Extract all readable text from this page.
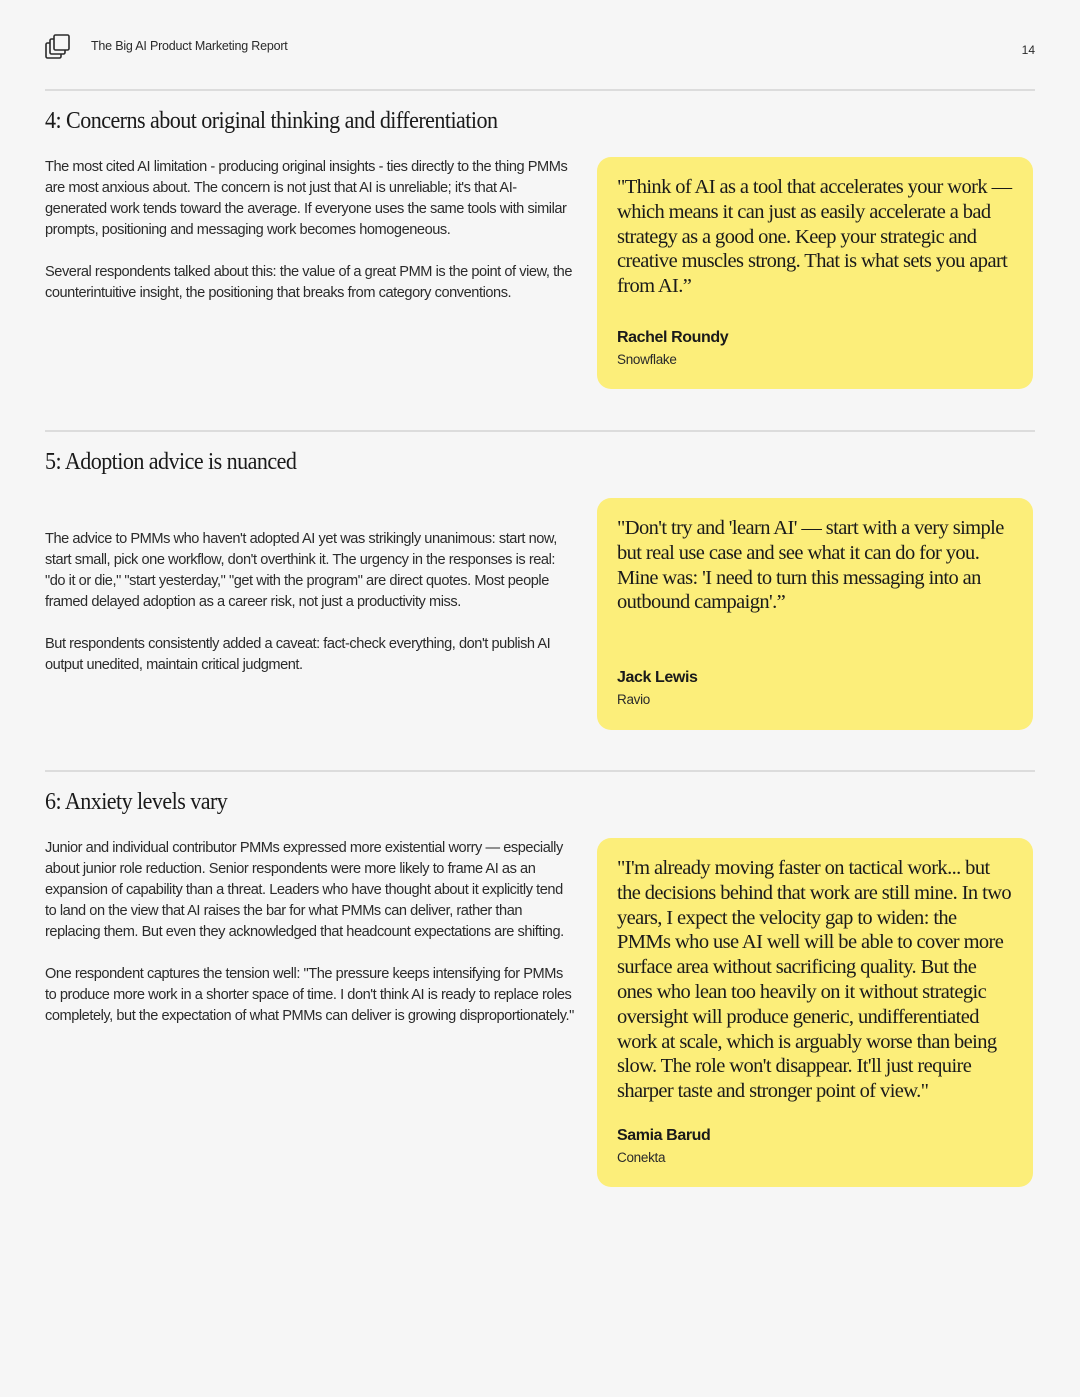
The Big AI Product Marketing Report	14
4: Concerns about original thinking and differentiation

The most cited AI limitation - producing original insights - ties directly to the thing PMMs are most anxious about. The concern is not just that AI is unreliable; it's that AI-generated work tends toward the average. If everyone uses the same tools with similar prompts, positioning and messaging work becomes homogeneous.

Several respondents talked about this: the value of a great PMM is the point of view, the counterintuitive insight, the positioning that breaks from category conventions.

"Think of AI as a tool that accelerates your work — which means it can just as easily accelerate a bad strategy as a good one. Keep your strategic and creative muscles strong. That is what sets you apart from AI.”

Rachel Roundy
Snowflake
5: Adoption advice is nuanced

The advice to PMMs who haven't adopted AI yet was strikingly unanimous: start now, start small, pick one workflow, don't overthink it. The urgency in the responses is real: "do it or die," "start yesterday," "get with the program" are direct quotes. Most people framed delayed adoption as a career risk, not just a productivity miss.

But respondents consistently added a caveat: fact-check everything, don't publish AI output unedited, maintain critical judgment.

"Don't try and 'learn AI' — start with a very simple but real use case and see what it can do for you. Mine was: 'I need to turn this messaging into an outbound campaign'.”

Jack Lewis
Ravio
6: Anxiety levels vary

Junior and individual contributor PMMs expressed more existential worry — especially about junior role reduction. Senior respondents were more likely to frame AI as an expansion of capability than a threat. Leaders who have thought about it explicitly tend to land on the view that AI raises the bar for what PMMs can deliver, rather than replacing them. But even they acknowledged that headcount expectations are shifting.

One respondent captures the tension well: "The pressure keeps intensifying for PMMs to produce more work in a shorter space of time. I don't think AI is ready to replace roles completely, but the expectation of what PMMs can deliver is growing disproportionately."

"I'm already moving faster on tactical work... but the decisions behind that work are still mine. In two years, I expect the velocity gap to widen: the PMMs who use AI well will be able to cover more surface area without sacrificing quality. But the ones who lean too heavily on it without strategic oversight will produce generic, undifferentiated work at scale, which is arguably worse than being slow. The role won't disappear. It'll just require sharper taste and stronger point of view."

Samia Barud
Conekta
